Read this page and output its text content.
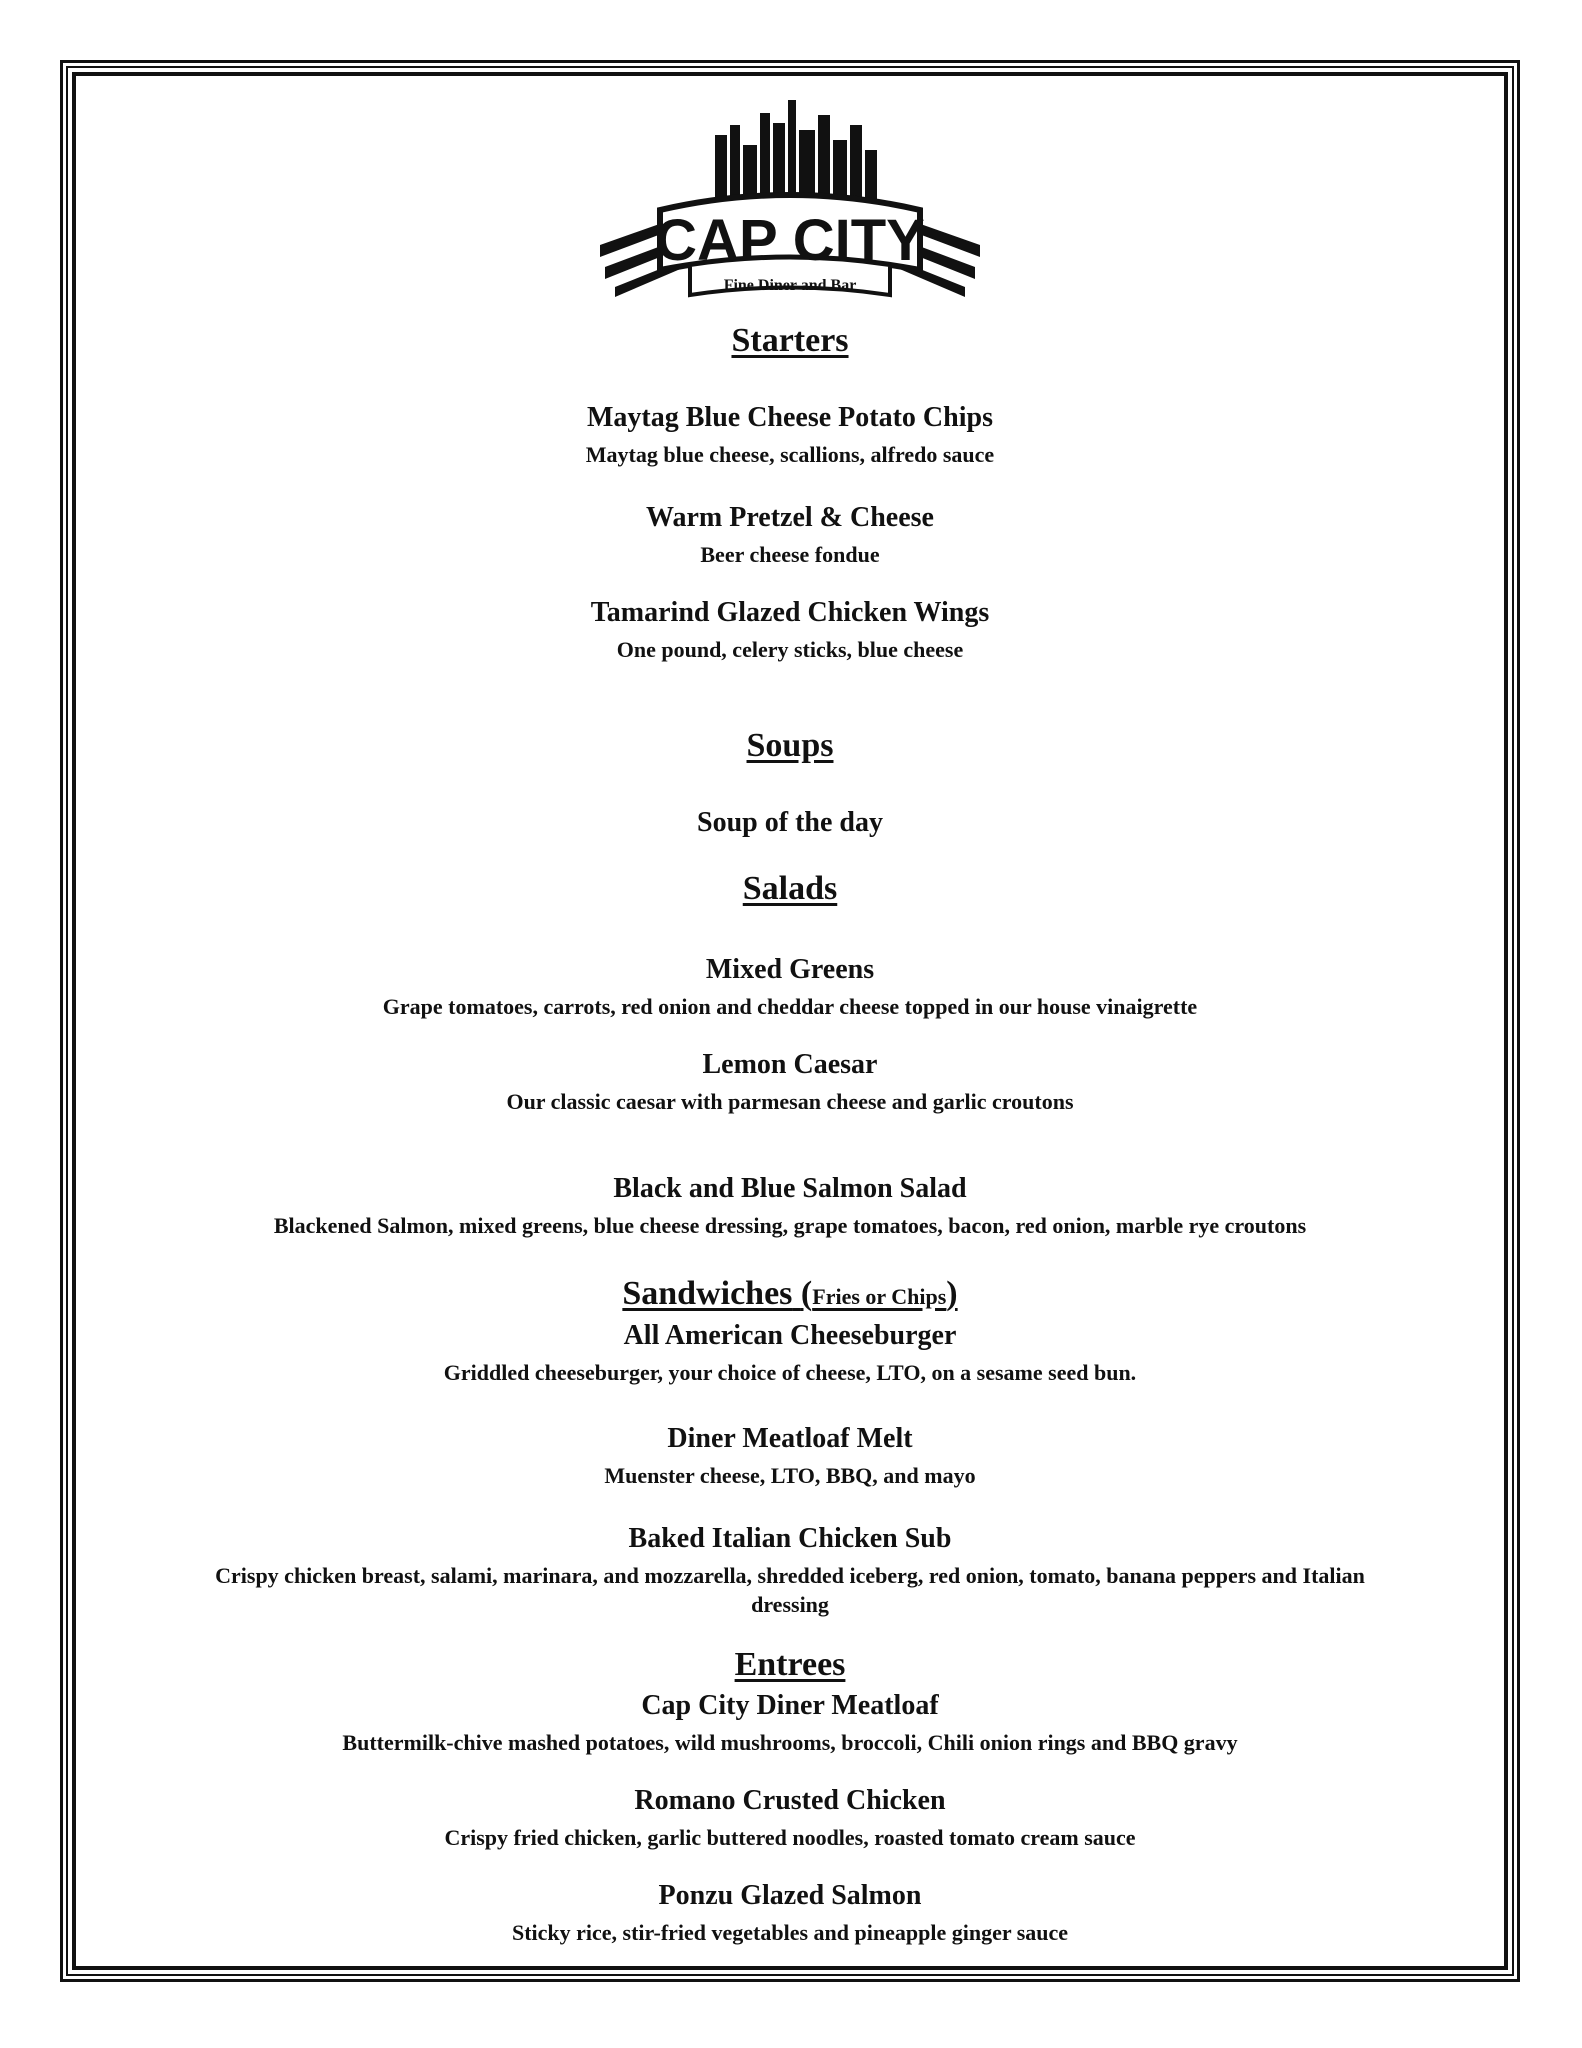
CAP CITY
Fine Diner and Bar

Starters

Maytag Blue Cheese Potato Chips

Maytag blue cheese, scallions, alfredo sauce

Warm Pretzel & Cheese

Beer cheese fondue

Tamarind Glazed Chicken Wings

One pound, celery sticks, blue cheese

Soups

Soup of the day

Salads

Mixed Greens

Grape tomatoes, carrots, red onion and cheddar cheese topped in our house vinaigrette

Lemon Caesar

Our classic caesar with parmesan cheese and garlic croutons

Black and Blue Salmon Salad

Blackened Salmon, mixed greens, blue cheese dressing, grape tomatoes, bacon, red onion, marble rye croutons

Sandwiches (Fries or Chips)

All American Cheeseburger

Griddled cheeseburger, your choice of cheese, LTO, on a sesame seed bun.

Diner Meatloaf Melt

Muenster cheese, LTO, BBQ, and mayo

Baked Italian Chicken Sub

Crispy chicken breast, salami, marinara, and mozzarella, shredded iceberg, red onion, tomato, banana peppers and Italian

dressing

Entrees

Cap City Diner Meatloaf

Buttermilk-chive mashed potatoes, wild mushrooms, broccoli, Chili onion rings and BBQ gravy

Romano Crusted Chicken

Crispy fried chicken, garlic buttered noodles, roasted tomato cream sauce

Ponzu Glazed Salmon

Sticky rice, stir-fried vegetables and pineapple ginger sauce
